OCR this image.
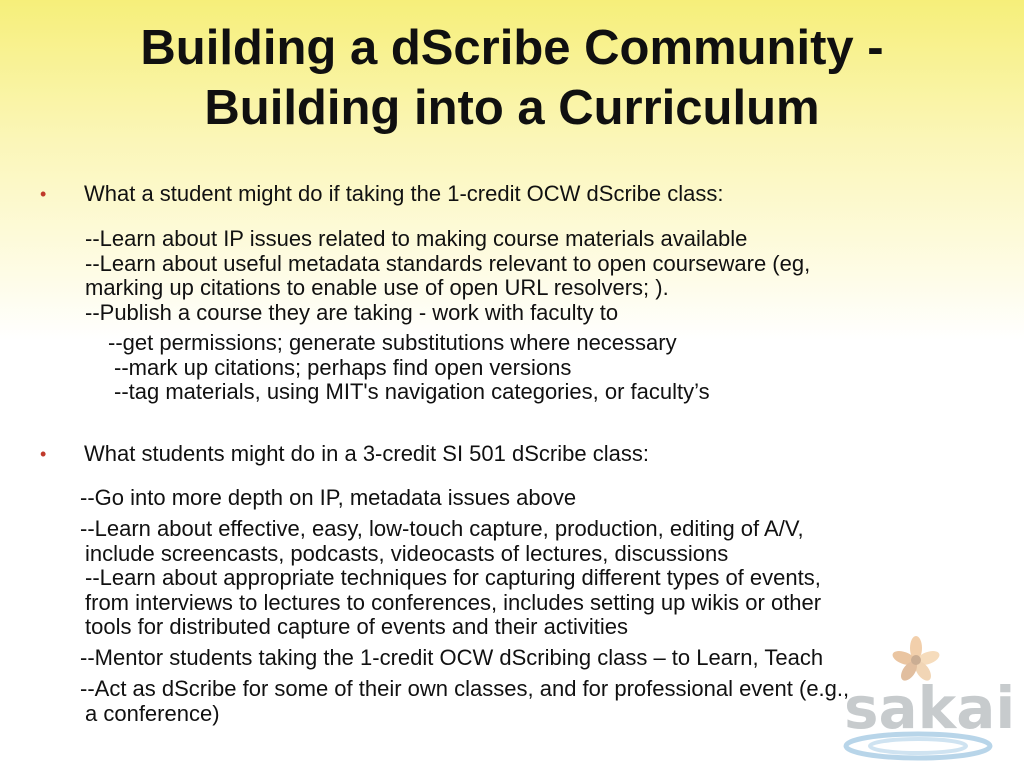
Building a dScribe Community -
Building into a Curriculum
• What a student might do if taking the 1-credit OCW dScribe class:
--Learn about IP issues related to making course materials available
--Learn about useful metadata standards relevant to open courseware (eg,
marking up citations to enable use of open URL resolvers; ).
--Publish a course they are taking - work with faculty to
--get permissions; generate substitutions where necessary
--mark up citations; perhaps find open versions
--tag materials, using MIT's navigation categories, or faculty’s
• What students might do in a 3-credit SI 501 dScribe class:
--Go into more depth on IP, metadata issues above
--Learn about effective, easy, low-touch capture, production, editing of A/V,
include screencasts, podcasts, videocasts of lectures, discussions
--Learn about appropriate techniques for capturing different types of events,
from interviews to lectures to conferences, includes setting up wikis or other
tools for distributed capture of events and their activities
--Mentor students taking the 1-credit OCW dScribing class – to Learn, Teach
--Act as dScribe for some of their own classes, and for professional event (e.g.,
a conference)	sakai
